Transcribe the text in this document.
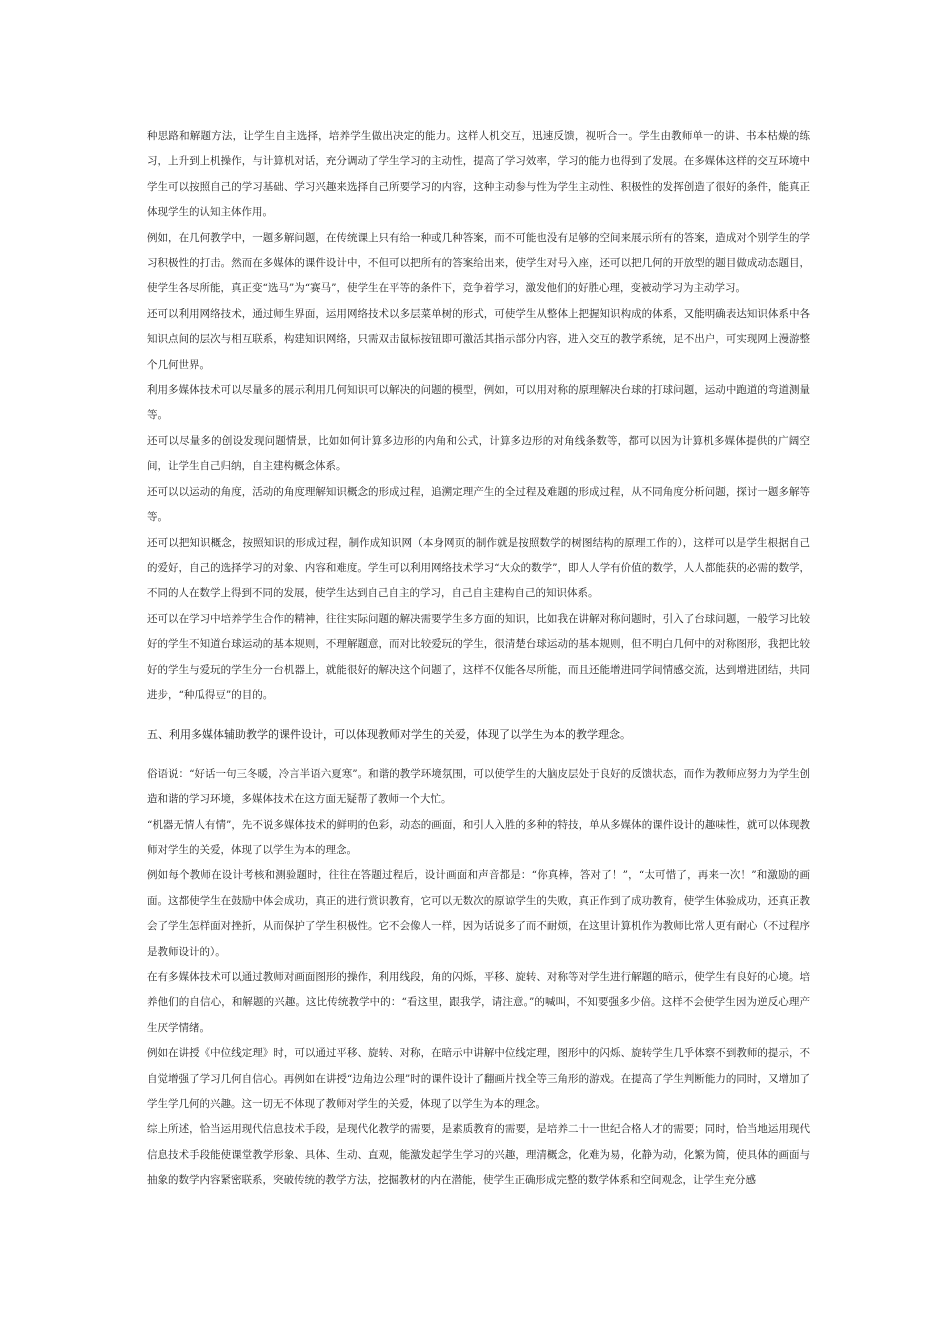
种思路和解题方法，让学生自主选择，培养学生做出决定的能力。这样人机交互，迅速反馈，视听合一。学生由教师单一的讲、书本枯燥的练习，上升到上机操作，与计算机对话，充分调动了学生学习的主动性，提高了学习效率，学习的能力也得到了发展。在多媒体这样的交互环境中学生可以按照自己的学习基础、学习兴趣来选择自己所要学习的内容，这种主动参与性为学生主动性、积极性的发挥创造了很好的条件，能真正体现学生的认知主体作用。

例如，在几何教学中，一题多解问题，在传统课上只有给一种或几种答案，而不可能也没有足够的空间来展示所有的答案，造成对个别学生的学习积极性的打击。然而在多媒体的课件设计中，不但可以把所有的答案给出来，使学生对号入座，还可以把几何的开放型的题目做成动态题目，使学生各尽所能，真正变“选马”为“赛马”，使学生在平等的条件下，竞争着学习，激发他们的好胜心理，变被动学习为主动学习。

还可以利用网络技术，通过师生界面，运用网络技术以多层菜单树的形式，可使学生从整体上把握知识构成的体系，又能明确表达知识体系中各知识点间的层次与相互联系，构建知识网络，只需双击鼠标按钮即可激活其指示部分内容，进入交互的教学系统，足不出户，可实现网上漫游整个几何世界。

利用多媒体技术可以尽量多的展示利用几何知识可以解决的问题的模型，例如，可以用对称的原理解决台球的打球问题，运动中跑道的弯道测量等。

还可以尽量多的创设发现问题情景，比如如何计算多边形的内角和公式，计算多边形的对角线条数等，都可以因为计算机多媒体提供的广阔空间，让学生自己归纳，自主建构概念体系。

还可以以运动的角度，活动的角度理解知识概念的形成过程，追溯定理产生的全过程及难题的形成过程，从不同角度分析问题，探讨一题多解等等。

还可以把知识概念，按照知识的形成过程，制作成知识网（本身网页的制作就是按照数学的树图结构的原理工作的），这样可以是学生根据自己的爱好，自己的选择学习的对象、内容和难度。学生可以利用网络技术学习“大众的数学”，即人人学有价值的数学，人人都能获的必需的数学，不同的人在数学上得到不同的发展，使学生达到自己自主的学习，自己自主建构自己的知识体系。

还可以在学习中培养学生合作的精神，往往实际问题的解决需要学生多方面的知识，比如我在讲解对称问题时，引入了台球问题，一般学习比较好的学生不知道台球运动的基本规则，不理解题意，而对比较爱玩的学生，很清楚台球运动的基本规则，但不明白几何中的对称图形，我把比较好的学生与爱玩的学生分一台机器上，就能很好的解决这个问题了，这样不仅能各尽所能，而且还能增进同学间情感交流，达到增进团结，共同进步，“种瓜得豆”的目的。

五、利用多媒体辅助教学的课件设计，可以体现教师对学生的关爱，体现了以学生为本的教学理念。

俗语说：“好话一句三冬暖，冷言半语六夏寒”。和谐的教学环境氛围，可以使学生的大脑皮层处于良好的反馈状态，而作为教师应努力为学生创造和谐的学习环境，多媒体技术在这方面无疑帮了教师一个大忙。

“机器无情人有情”，先不说多媒体技术的鲜明的色彩，动态的画面，和引人入胜的多种的特技，单从多媒体的课件设计的趣味性，就可以体现教师对学生的关爱，体现了以学生为本的理念。

例如每个教师在设计考核和测验题时，往往在答题过程后，设计画面和声音都是：“你真棒，答对了！”，“太可惜了，再来一次！”和激励的画面。这都使学生在鼓励中体会成功，真正的进行赏识教育，它可以无数次的原谅学生的失败，真正作到了成功教育，使学生体验成功，还真正教会了学生怎样面对挫折，从而保护了学生积极性。它不会像人一样，因为话说多了而不耐烦，在这里计算机作为教师比常人更有耐心（不过程序是教师设计的）。

在有多媒体技术可以通过教师对画面图形的操作，利用线段，角的闪烁，平移、旋转、对称等对学生进行解题的暗示，使学生有良好的心境。培养他们的自信心，和解题的兴趣。这比传统教学中的：“看这里，跟我学，请注意。”的喊叫，不知要强多少倍。这样不会使学生因为逆反心理产生厌学情绪。

例如在讲授《中位线定理》时，可以通过平移、旋转、对称，在暗示中讲解中位线定理，图形中的闪烁、旋转学生几乎体察不到教师的提示，不自觉增强了学习几何自信心。再例如在讲授“边角边公理”时的课件设计了翻画片找全等三角形的游戏。在提高了学生判断能力的同时，又增加了学生学几何的兴趣。这一切无不体现了教师对学生的关爱，体现了以学生为本的理念。

综上所述，恰当运用现代信息技术手段，是现代化教学的需要，是素质教育的需要，是培养二十一世纪合格人才的需要；同时，恰当地运用现代信息技术手段能使课堂教学形象、具体、生动、直观，能激发起学生学习的兴趣，理清概念，化难为易，化静为动，化繁为简，使具体的画面与抽象的数学内容紧密联系，突破传统的教学方法，挖掘教材的内在潜能，使学生正确形成完整的数学体系和空间观念，让学生充分感
